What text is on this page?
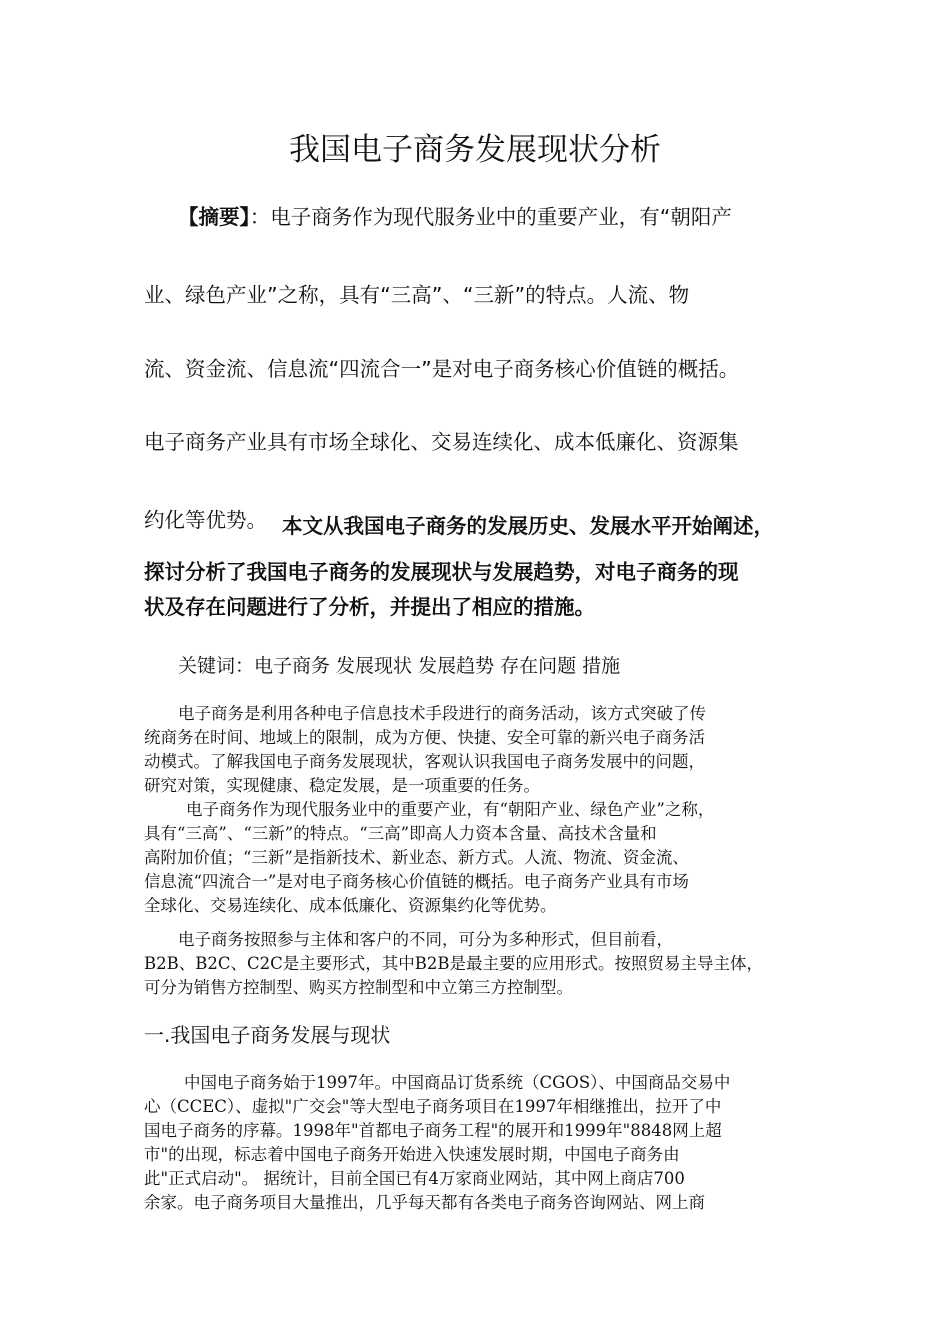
我国电子商务发展现状分析
【摘要】：电子商务作为现代服务业中的重要产业，有“朝阳产
业、绿色产业”之称，具有“三高”、“三新”的特点。人流、物
流、资金流、信息流“四流合一”是对电子商务核心价值链的概括。
电子商务产业具有市场全球化、交易连续化、成本低廉化、资源集
约化等优势。 本文从我国电子商务的发展历史、发展水平开始阐述，
探讨分析了我国电子商务的发展现状与发展趋势，对电子商务的现
状及存在问题进行了分析，并提出了相应的措施。
关键词：电子商务 发展现状 发展趋势 存在问题 措施
电子商务是利用各种电子信息技术手段进行的商务活动，该方式突破了传
统商务在时间、地域上的限制，成为方便、快捷、安全可靠的新兴电子商务活
动模式。了解我国电子商务发展现状，客观认识我国电子商务发展中的问题，
研究对策，实现健康、稳定发展，是一项重要的任务。
电子商务作为现代服务业中的重要产业，有“朝阳产业、绿色产业”之称，
具有“三高”、“三新”的特点。“三高”即高人力资本含量、高技术含量和
高附加价值；“三新”是指新技术、新业态、新方式。人流、物流、资金流、
信息流“四流合一”是对电子商务核心价值链的概括。电子商务产业具有市场
全球化、交易连续化、成本低廉化、资源集约化等优势。
电子商务按照参与主体和客户的不同，可分为多种形式，但目前看，
B2B、B2C、C2C是主要形式，其中B2B是最主要的应用形式。按照贸易主导主体，
可分为销售方控制型、购买方控制型和中立第三方控制型。
一.我国电子商务发展与现状
中国电子商务始于1997年。中国商品订货系统（CGOS）、中国商品交易中
心（CCEC）、虚拟"广交会"等大型电子商务项目在1997年相继推出，拉开了中
国电子商务的序幕。1998年"首都电子商务工程"的展开和1999年"8848网上超
市"的出现，标志着中国电子商务开始进入快速发展时期，中国电子商务由
此"正式启动"。 据统计，目前全国已有4万家商业网站，其中网上商店700
余家。电子商务项目大量推出，几乎每天都有各类电子商务咨询网站、网上商
